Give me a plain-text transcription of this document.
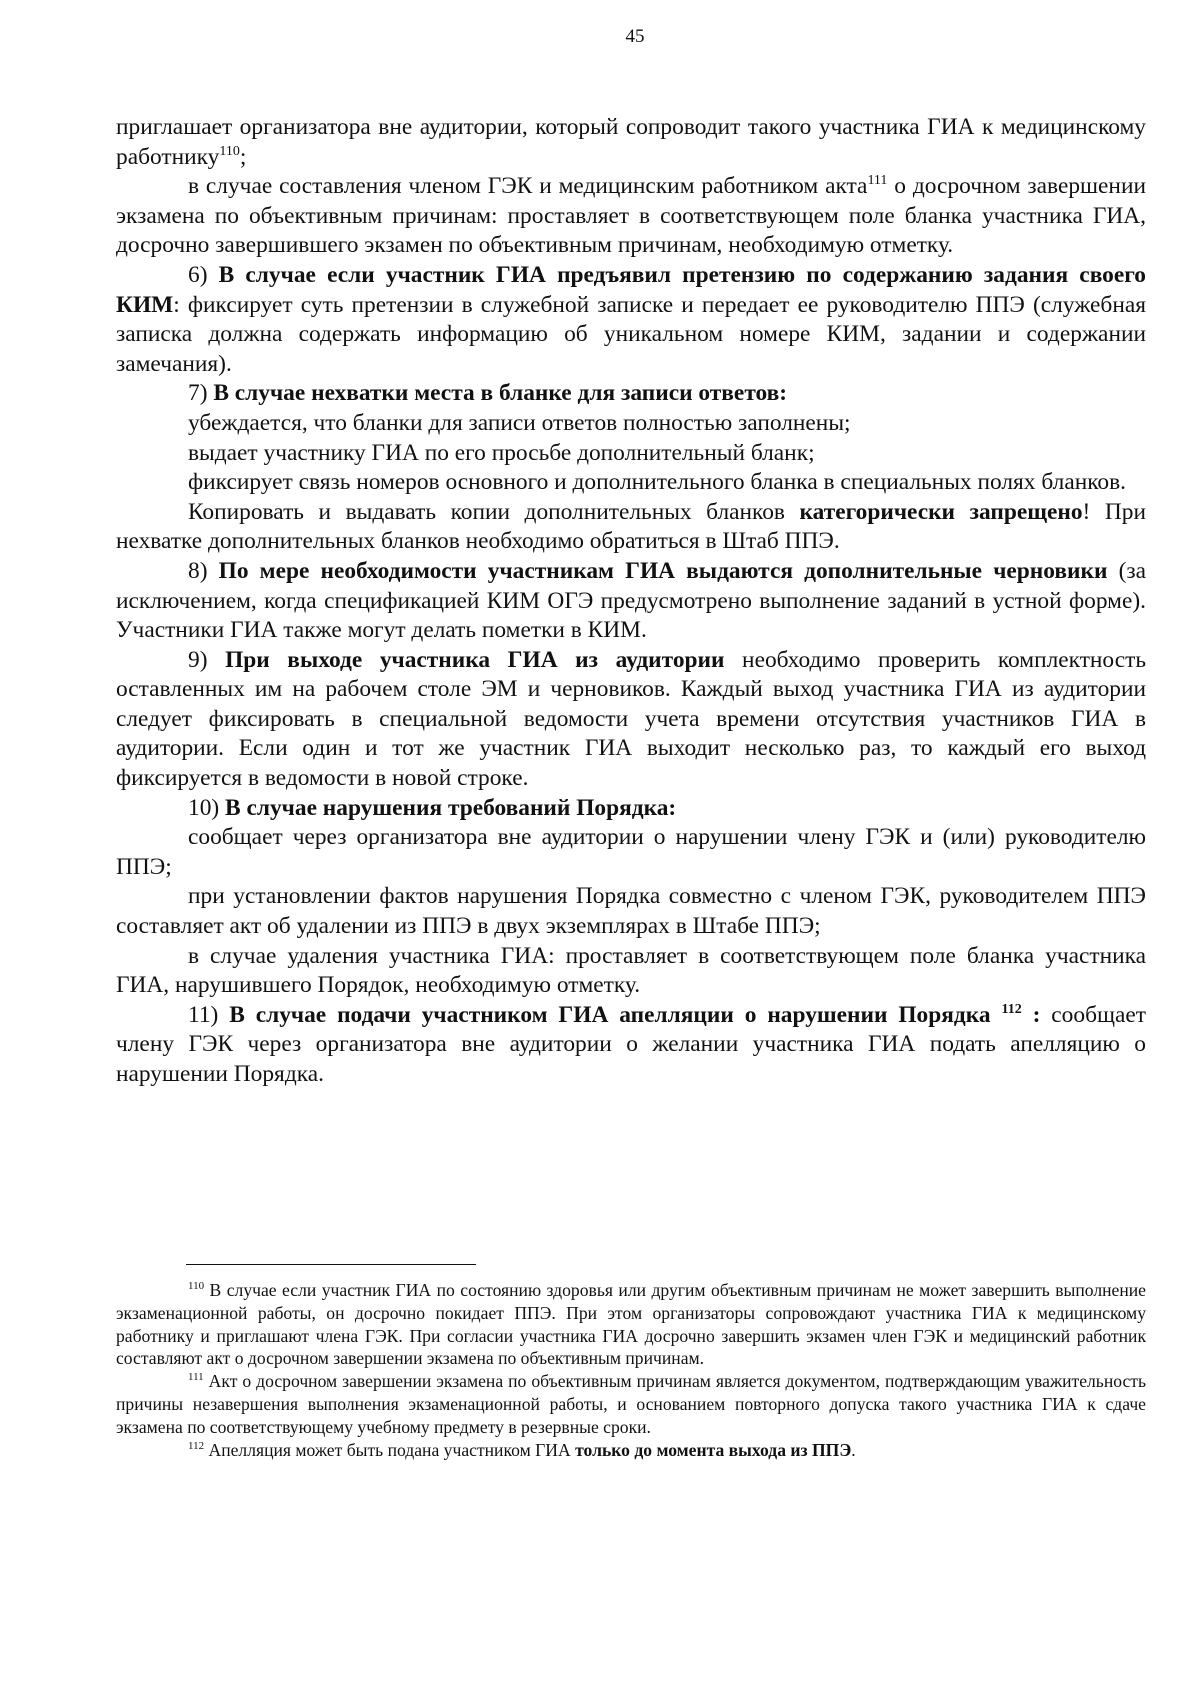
45

приглашает организатора вне аудитории, который сопроводит такого участника ГИА к медицинскому работнику$^{110}$;

в случае составления членом ГЭК и медицинским работником акта$^{111}$ о досрочном завершении экзамена по объективным причинам: проставляет в соответствующем поле бланка участника ГИА, досрочно завершившего экзамен по объективным причинам, необходимую отметку.

6) В случае если участник ГИА предъявил претензию по содержанию задания своего КИМ: фиксирует суть претензии в служебной записке и передает ее руководителю ППЭ (служебная записка должна содержать информацию об уникальном номере КИМ, задании и содержании замечания).

7) В случае нехватки места в бланке для записи ответов:

убеждается, что бланки для записи ответов полностью заполнены;

выдает участнику ГИА по его просьбе дополнительный бланк;

фиксирует связь номеров основного и дополнительного бланка в специальных полях бланков.

Копировать и выдавать копии дополнительных бланков категорически запрещено! При нехватке дополнительных бланков необходимо обратиться в Штаб ППЭ.

8) По мере необходимости участникам ГИА выдаются дополнительные черновики (за исключением, когда спецификацией КИМ ОГЭ предусмотрено выполнение заданий в устной форме). Участники ГИА также могут делать пометки в КИМ.

9) При выходе участника ГИА из аудитории необходимо проверить комплектность оставленных им на рабочем столе ЭМ и черновиков. Каждый выход участника ГИА из аудитории следует фиксировать в специальной ведомости учета времени отсутствия участников ГИА в аудитории. Если один и тот же участник ГИА выходит несколько раз, то каждый его выход фиксируется в ведомости в новой строке.

10) В случае нарушения требований Порядка:

сообщает через организатора вне аудитории о нарушении члену ГЭК и (или) руководителю ППЭ;

при установлении фактов нарушения Порядка совместно с членом ГЭК, руководителем ППЭ составляет акт об удалении из ППЭ в двух экземплярах в Штабе ППЭ;

в случае удаления участника ГИА: проставляет в соответствующем поле бланка участника ГИА, нарушившего Порядок, необходимую отметку.

11) В случае подачи участником ГИА апелляции о нарушении Порядка $^{112}$ : сообщает члену ГЭК через организатора вне аудитории о желании участника ГИА подать апелляцию о нарушении Порядка.

$^{110}$ В случае если участник ГИА по состоянию здоровья или другим объективным причинам не может завершить выполнение экзаменационной работы, он досрочно покидает ППЭ. При этом организаторы сопровождают участника ГИА к медицинскому работнику и приглашают члена ГЭК. При согласии участника ГИА досрочно завершить экзамен член ГЭК и медицинский работник составляют акт о досрочном завершении экзамена по объективным причинам.

$^{111}$ Акт о досрочном завершении экзамена по объективным причинам является документом, подтверждающим уважительность причины незавершения выполнения экзаменационной работы, и основанием повторного допуска такого участника ГИА к сдаче экзамена по соответствующему учебному предмету в резервные сроки.

$^{112}$ Апелляция может быть подана участником ГИА только до момента выхода из ППЭ.
